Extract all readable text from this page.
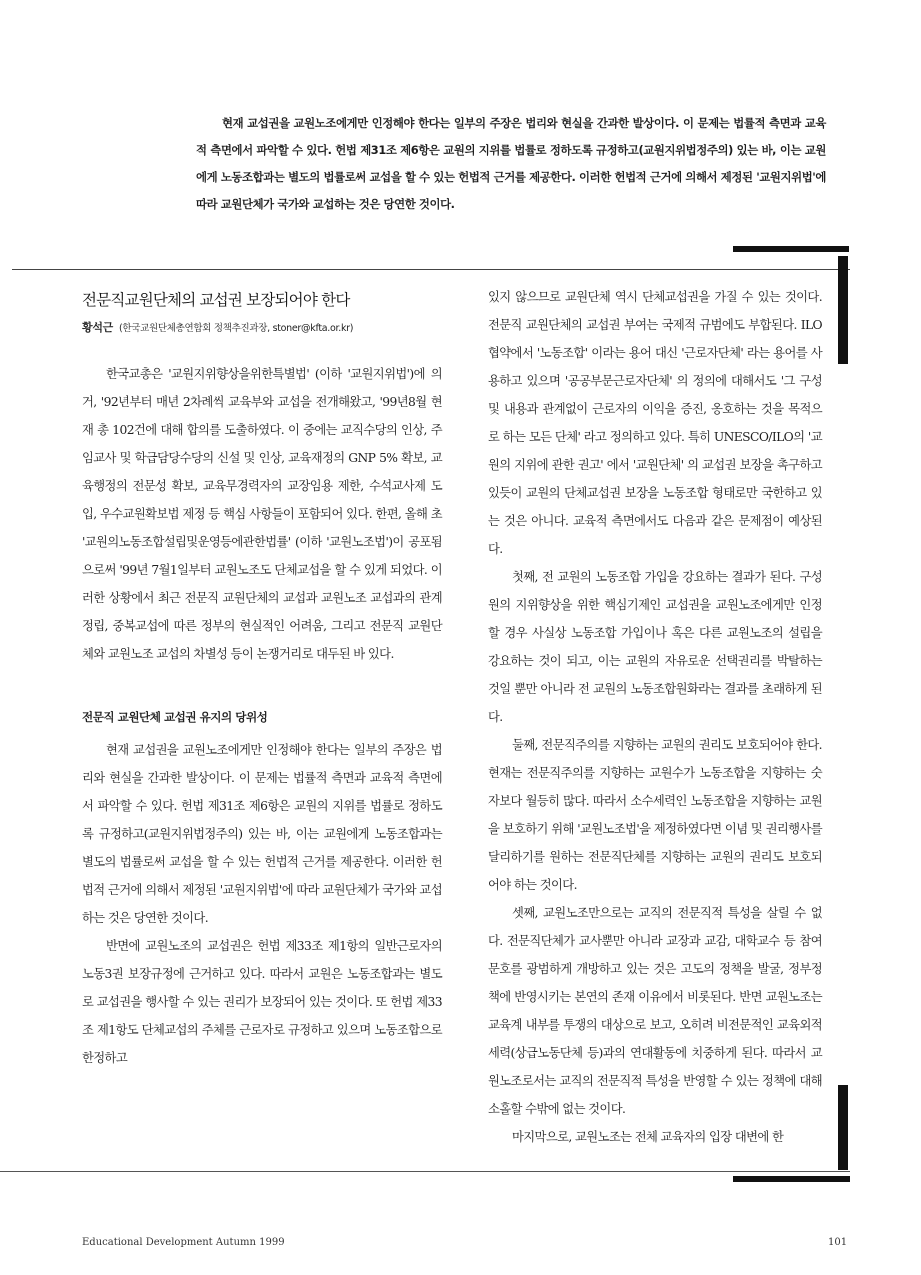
현재 교섭권을 교원노조에게만 인정해야 한다는 일부의 주장은 법리와 현실을 간과한 발상이다. 이 문제는 법률적 측면과 교육적 측면에서 파악할 수 있다. 헌법 제31조 제6항은 교원의 지위를 법률로 정하도록 규정하고(교원지위법정주의) 있는 바, 이는 교원에게 노동조합과는 별도의 법률로써 교섭을 할 수 있는 헌법적 근거를 제공한다. 이러한 헌법적 근거에 의해서 제정된 '교원지위법'에 따라 교원단체가 국가와 교섭하는 것은 당연한 것이다.

전문직교원단체의 교섭권 보장되어야 한다
황석근 (한국교원단체총연합회 정책추진과장, stoner@kfta.or.kr)

한국교총은 '교원지위향상을위한특별법' (이하 '교원지위법')에 의거, '92년부터 매년 2차례씩 교육부와 교섭을 전개해왔고, '99년8월 현재 총 102건에 대해 합의를 도출하였다. 이 중에는 교직수당의 인상, 주임교사 및 학급담당수당의 신설 및 인상, 교육재정의 GNP 5% 확보, 교육행정의 전문성 확보, 교육무경력자의 교장임용 제한, 수석교사제 도입, 우수교원확보법 제정 등 핵심 사항들이 포함되어 있다. 한편, 올해 초 '교원의노동조합설립및운영등에관한법률' (이하 '교원노조법')이 공포됨으로써 '99년 7월1일부터 교원노조도 단체교섭을 할 수 있게 되었다. 이러한 상황에서 최근 전문직 교원단체의 교섭과 교원노조 교섭과의 관계정립, 중복교섭에 따른 정부의 현실적인 어려움, 그리고 전문직 교원단체와 교원노조 교섭의 차별성 등이 논쟁거리로 대두된 바 있다.

전문직 교원단체 교섭권 유지의 당위성

현재 교섭권을 교원노조에게만 인정해야 한다는 일부의 주장은 법리와 현실을 간과한 발상이다. 이 문제는 법률적 측면과 교육적 측면에서 파악할 수 있다. 헌법 제31조 제6항은 교원의 지위를 법률로 정하도록 규정하고(교원지위법정주의) 있는 바, 이는 교원에게 노동조합과는 별도의 법률로써 교섭을 할 수 있는 헌법적 근거를 제공한다. 이러한 헌법적 근거에 의해서 제정된 '교원지위법'에 따라 교원단체가 국가와 교섭하는 것은 당연한 것이다.

반면에 교원노조의 교섭권은 헌법 제33조 제1항의 일반근로자의 노동3권 보장규정에 근거하고 있다. 따라서 교원은 노동조합과는 별도로 교섭권을 행사할 수 있는 권리가 보장되어 있는 것이다. 또 헌법 제33조 제1항도 단체교섭의 주체를 근로자로 규정하고 있으며 노동조합으로 한정하고

있지 않으므로 교원단체 역시 단체교섭권을 가질 수 있는 것이다. 전문직 교원단체의 교섭권 부여는 국제적 규범에도 부합된다. ILO협약에서 '노동조합' 이라는 용어 대신 '근로자단체' 라는 용어를 사용하고 있으며 '공공부문근로자단체' 의 정의에 대해서도 '그 구성 및 내용과 관계없이 근로자의 이익을 증진, 옹호하는 것을 목적으로 하는 모든 단체' 라고 정의하고 있다. 특히 UNESCO/ILO의 '교원의 지위에 관한 권고' 에서 '교원단체' 의 교섭권 보장을 촉구하고 있듯이 교원의 단체교섭권 보장을 노동조합 형태로만 국한하고 있는 것은 아니다. 교육적 측면에서도 다음과 같은 문제점이 예상된다.

첫째, 전 교원의 노동조합 가입을 강요하는 결과가 된다. 구성원의 지위향상을 위한 핵심기제인 교섭권을 교원노조에게만 인정할 경우 사실상 노동조합 가입이나 혹은 다른 교원노조의 설립을 강요하는 것이 되고, 이는 교원의 자유로운 선택권리를 박탈하는 것일 뿐만 아니라 전 교원의 노동조합원화라는 결과를 초래하게 된다.

둘째, 전문직주의를 지향하는 교원의 권리도 보호되어야 한다. 현재는 전문직주의를 지향하는 교원수가 노동조합을 지향하는 숫자보다 월등히 많다. 따라서 소수세력인 노동조합을 지향하는 교원을 보호하기 위해 '교원노조법'을 제정하였다면 이념 및 권리행사를 달리하기를 원하는 전문직단체를 지향하는 교원의 권리도 보호되어야 하는 것이다.

셋째, 교원노조만으로는 교직의 전문직적 특성을 살릴 수 없다. 전문직단체가 교사뿐만 아니라 교장과 교감, 대학교수 등 참여문호를 광범하게 개방하고 있는 것은 고도의 정책을 발굴, 정부정책에 반영시키는 본연의 존재 이유에서 비롯된다. 반면 교원노조는 교육계 내부를 투쟁의 대상으로 보고, 오히려 비전문적인 교육외적 세력(상급노동단체 등)과의 연대활동에 치중하게 된다. 따라서 교원노조로서는 교직의 전문직적 특성을 반영할 수 있는 정책에 대해 소홀할 수밖에 없는 것이다.

마지막으로, 교원노조는 전체 교육자의 입장 대변에 한

Educational Development Autumn 1999	101
